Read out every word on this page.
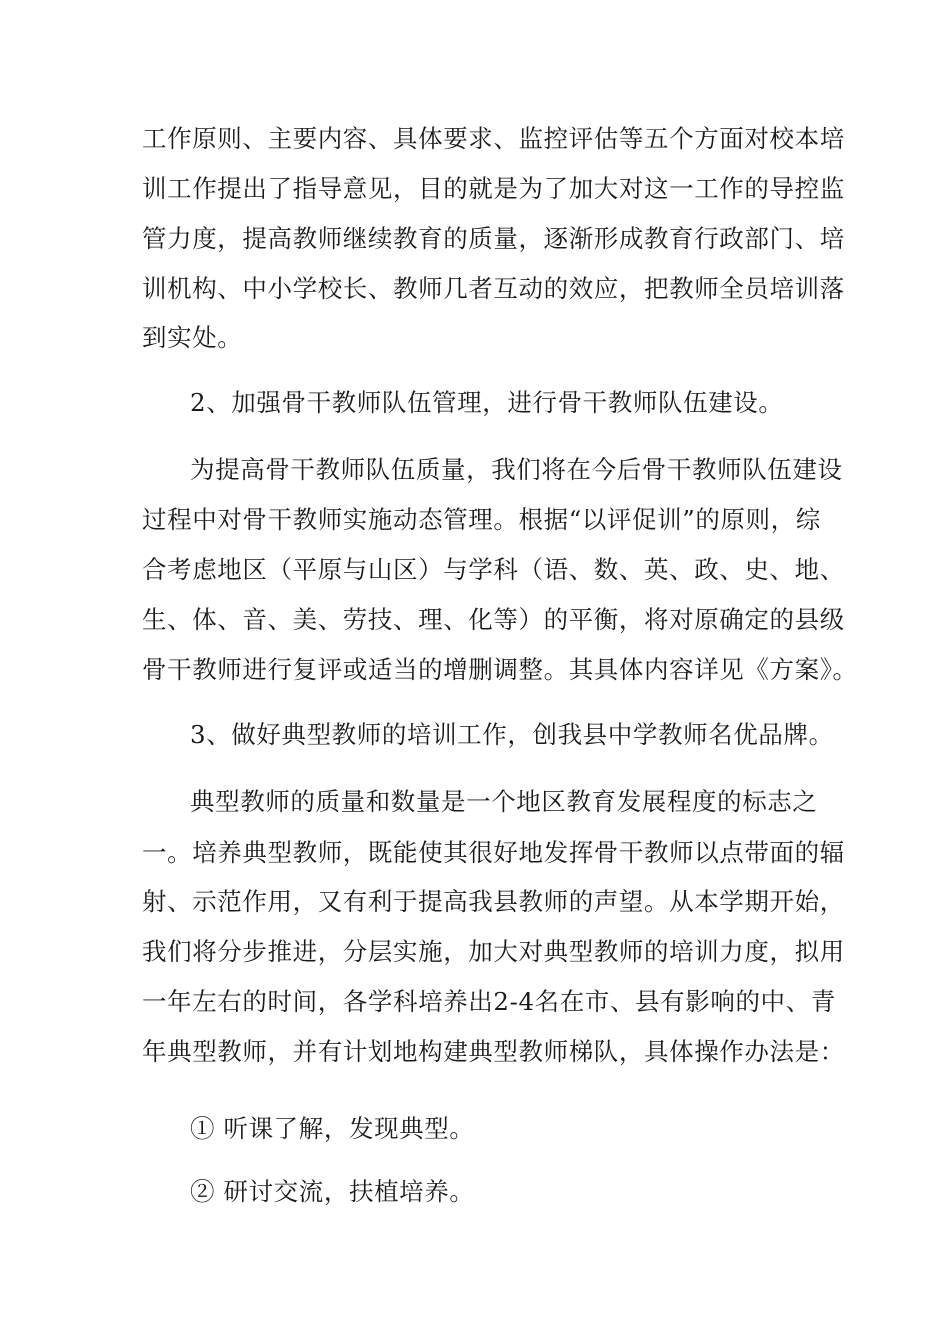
工作原则、主要内容、具体要求、监控评估等五个方面对校本培
训工作提出了指导意见，目的就是为了加大对这一工作的导控监
管力度，提高教师继续教育的质量，逐渐形成教育行政部门、培
训机构、中小学校长、教师几者互动的效应，把教师全员培训落
到实处。
2、加强骨干教师队伍管理，进行骨干教师队伍建设。
为提高骨干教师队伍质量，我们将在今后骨干教师队伍建设
过程中对骨干教师实施动态管理。根据“以评促训”的原则，综
合考虑地区（平原与山区）与学科（语、数、英、政、史、地、
生、体、音、美、劳技、理、化等）的平衡，将对原确定的县级
骨干教师进行复评或适当的增删调整。其具体内容详见《方案》。
3、做好典型教师的培训工作，创我县中学教师名优品牌。
典型教师的质量和数量是一个地区教育发展程度的标志之
一。培养典型教师，既能使其很好地发挥骨干教师以点带面的辐
射、示范作用，又有利于提高我县教师的声望。从本学期开始，
我们将分步推进，分层实施，加大对典型教师的培训力度，拟用
一年左右的时间，各学科培养出2-4名在市、县有影响的中、青
年典型教师，并有计划地构建典型教师梯队，具体操作办法是：
① 听课了解，发现典型。
② 研讨交流，扶植培养。
